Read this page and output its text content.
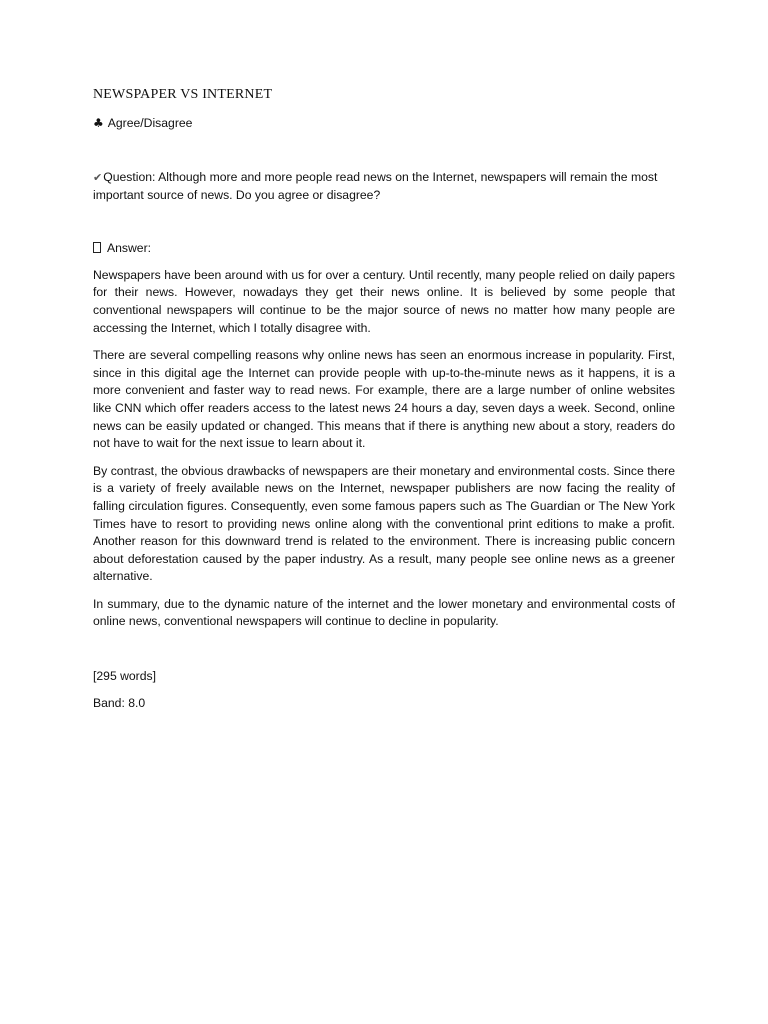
NEWSPAPER VS INTERNET
♣ Agree/Disagree
✔Question: Although more and more people read news on the Internet, newspapers will remain the most important source of news. Do you agree or disagree?
Answer:

Newspapers have been around with us for over a century. Until recently, many people relied on daily papers for their news. However, nowadays they get their news online. It is believed by some people that conventional newspapers will continue to be the major source of news no matter how many people are accessing the Internet, which I totally disagree with.

There are several compelling reasons why online news has seen an enormous increase in popularity. First, since in this digital age the Internet can provide people with up-to-the-minute news as it happens, it is a more convenient and faster way to read news. For example, there are a large number of online websites like CNN which offer readers access to the latest news 24 hours a day, seven days a week. Second, online news can be easily updated or changed. This means that if there is anything new about a story, readers do not have to wait for the next issue to learn about it.

By contrast, the obvious drawbacks of newspapers are their monetary and environmental costs. Since there is a variety of freely available news on the Internet, newspaper publishers are now facing the reality of falling circulation figures. Consequently, even some famous papers such as The Guardian or The New York Times have to resort to providing news online along with the conventional print editions to make a profit. Another reason for this downward trend is related to the environment. There is increasing public concern about deforestation caused by the paper industry. As a result, many people see online news as a greener alternative.

In summary, due to the dynamic nature of the internet and the lower monetary and environmental costs of online news, conventional newspapers will continue to decline in popularity.

[295 words]
Band: 8.0
